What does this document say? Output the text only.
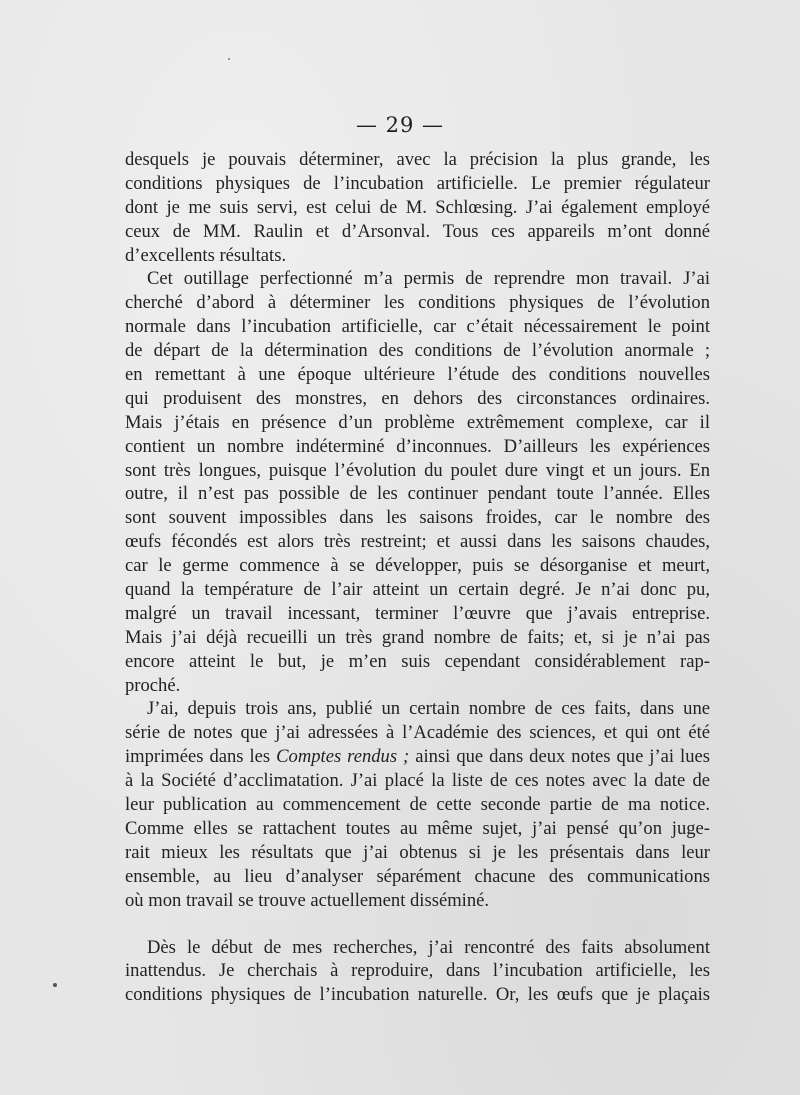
— 29 —
desquels je pouvais déterminer, avec la précision la plus grande, les
conditions physiques de l’incubation artificielle. Le premier régulateur
dont je me suis servi, est celui de M. Schlœsing. J’ai également employé
ceux de MM. Raulin et d’Arsonval. Tous ces appareils m’ont donné
d’excellents résultats.
Cet outillage perfectionné m’a permis de reprendre mon travail. J’ai
cherché d’abord à déterminer les conditions physiques de l’évolution
normale dans l’incubation artificielle, car c’était nécessairement le point
de départ de la détermination des conditions de l’évolution anormale ;
en remettant à une époque ultérieure l’étude des conditions nouvelles
qui produisent des monstres, en dehors des circonstances ordinaires.
Mais j’étais en présence d’un problème extrêmement complexe, car il
contient un nombre indéterminé d’inconnues. D’ailleurs les expériences
sont très longues, puisque l’évolution du poulet dure vingt et un jours. En
outre, il n’est pas possible de les continuer pendant toute l’année. Elles
sont souvent impossibles dans les saisons froides, car le nombre des
œufs fécondés est alors très restreint; et aussi dans les saisons chaudes,
car le germe commence à se développer, puis se désorganise et meurt,
quand la température de l’air atteint un certain degré. Je n’ai donc pu,
malgré un travail incessant, terminer l’œuvre que j’avais entreprise.
Mais j’ai déjà recueilli un très grand nombre de faits; et, si je n’ai pas
encore atteint le but, je m’en suis cependant considérablement rap-
proché.
J’ai, depuis trois ans, publié un certain nombre de ces faits, dans une
série de notes que j’ai adressées à l’Académie des sciences, et qui ont été
imprimées dans les Comptes rendus ; ainsi que dans deux notes que j’ai lues
à la Société d’acclimatation. J’ai placé la liste de ces notes avec la date de
leur publication au commencement de cette seconde partie de ma notice.
Comme elles se rattachent toutes au même sujet, j’ai pensé qu’on juge-
rait mieux les résultats que j’ai obtenus si je les présentais dans leur
ensemble, au lieu d’analyser séparément chacune des communications
où mon travail se trouve actuellement disséminé.
Dès le début de mes recherches, j’ai rencontré des faits absolument
inattendus. Je cherchais à reproduire, dans l’incubation artificielle, les
conditions physiques de l’incubation naturelle. Or, les œufs que je plaçais
